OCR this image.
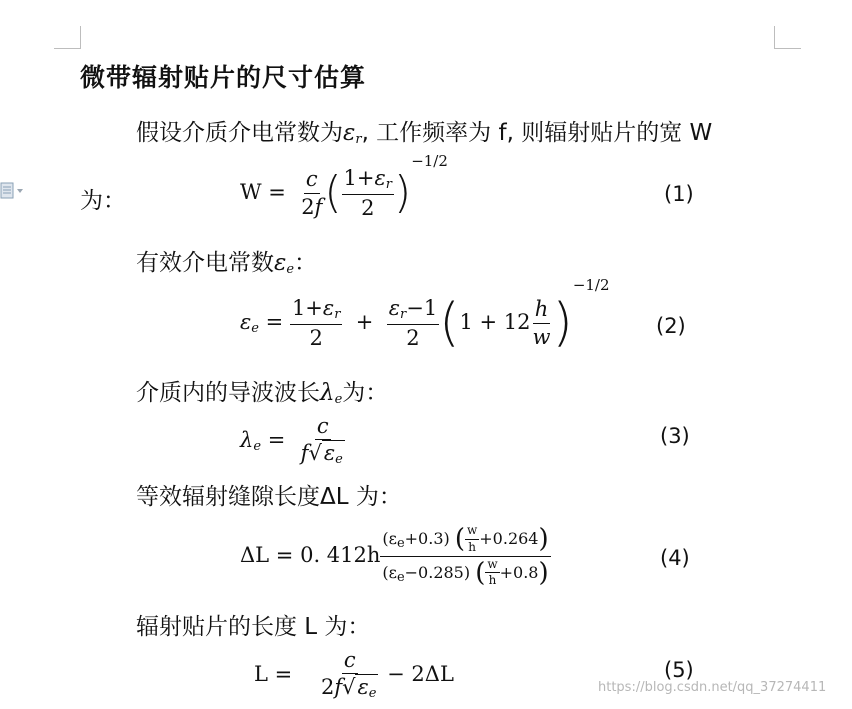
微带辐射贴片的尺寸估算
假设介质介电常数为$\varepsilon_r$, 工作频率为 f, 则辐射贴片的宽 W
为：	$W = \frac{c}{2f}$ ( $\frac{1+\varepsilon_r}{2} )^{-1/2}$
(1)
有效介电常数$\varepsilon_e$：
$\varepsilon_e = \frac{1+\varepsilon_r}{2} + \frac{\varepsilon_r-1}{2} (1 + 12 \frac{h}{w} )^{-1/2}$
(2)
介质内的导波波长$\lambda_e$为：
$\lambda_e = \frac{c}{f√\varepsilon_e}$	(3)
等效辐射缝隙长度ΔL 为：
ΔL = 0. $412h \frac{(\varepsilon_e+0.3) ( \frac{w}{h} +0.264)}{(\varepsilon_e-0.285) ( \frac{w}{h} +0.8)}$	(4)
辐射贴片的长度 L 为：
$L = \frac{c}{2f√\varepsilon_e} - 2\Delta L$	(5)
https://blog.csdn.net/qq_37274411
